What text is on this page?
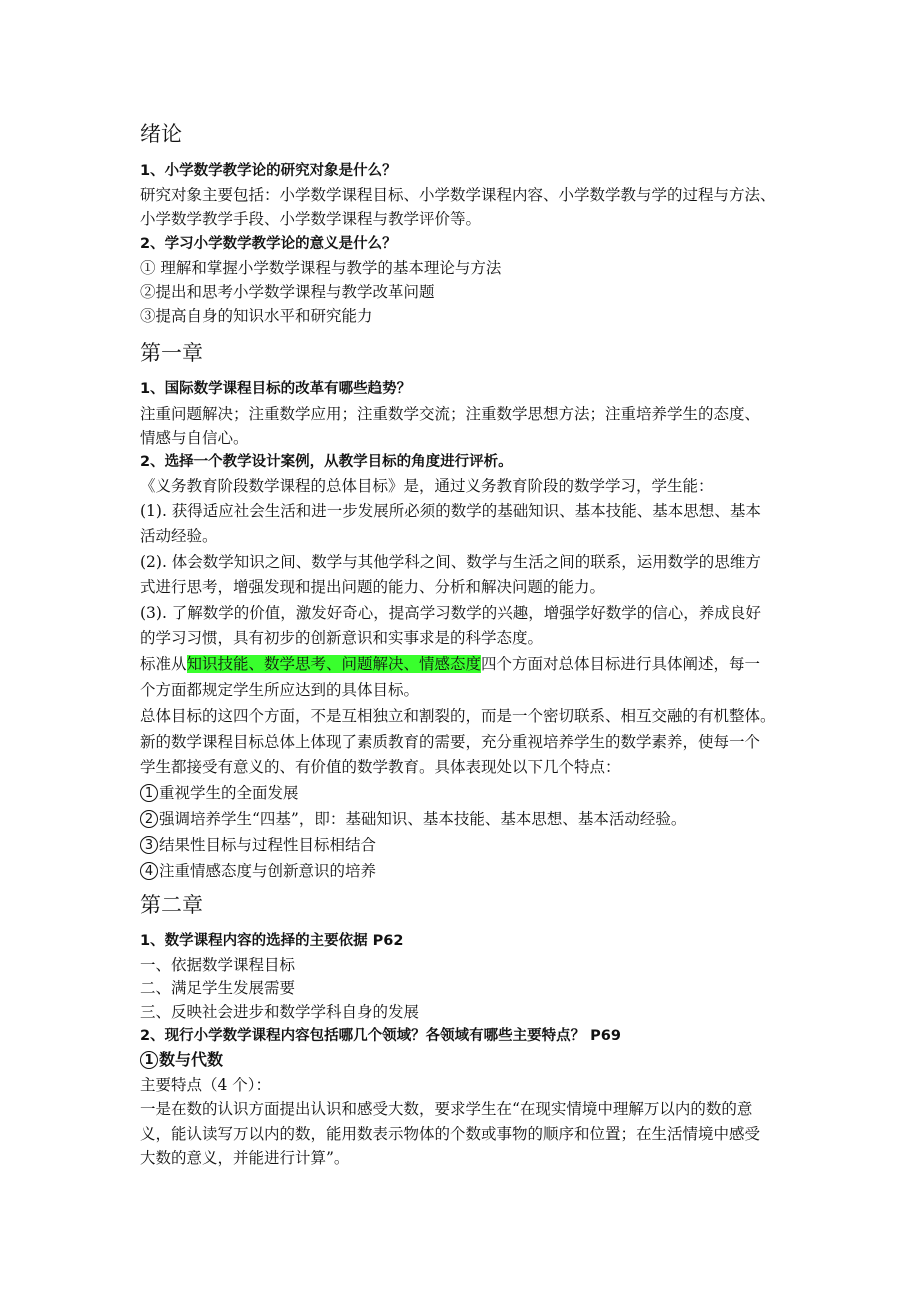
绪论
1、小学数学教学论的研究对象是什么？
研究对象主要包括：小学数学课程目标、小学数学课程内容、小学数学教与学的过程与方法、
小学数学教学手段、小学数学课程与教学评价等。
2、学习小学数学教学论的意义是什么？
① 理解和掌握小学数学课程与教学的基本理论与方法
②提出和思考小学数学课程与教学改革问题
③提高自身的知识水平和研究能力
第一章
1、国际数学课程目标的改革有哪些趋势？
注重问题解决；注重数学应用；注重数学交流；注重数学思想方法；注重培养学生的态度、
情感与自信心。
2、选择一个教学设计案例，从教学目标的角度进行评析。
《义务教育阶段数学课程的总体目标》是，通过义务教育阶段的数学学习，学生能：
(1). 获得适应社会生活和进一步发展所必须的数学的基础知识、基本技能、基本思想、基本
活动经验。
(2). 体会数学知识之间、数学与其他学科之间、数学与生活之间的联系，运用数学的思维方
式进行思考，增强发现和提出问题的能力、分析和解决问题的能力。
(3). 了解数学的价值，激发好奇心，提高学习数学的兴趣，增强学好数学的信心，养成良好
的学习习惯，具有初步的创新意识和实事求是的科学态度。
标准从知识技能、数学思考、问题解决、情感态度四个方面对总体目标进行具体阐述，每一
个方面都规定学生所应达到的具体目标。
总体目标的这四个方面，不是互相独立和割裂的，而是一个密切联系、相互交融的有机整体。
新的数学课程目标总体上体现了素质教育的需要，充分重视培养学生的数学素养，使每一个
学生都接受有意义的、有价值的数学教育。具体表现处以下几个特点：
1 重视学生的全面发展
2 强调培养学生“四基”，即：基础知识、基本技能、基本思想、基本活动经验。
3 结果性目标与过程性目标相结合
4 注重情感态度与创新意识的培养
第二章
1、数学课程内容的选择的主要依据 P62
一、依据数学课程目标
二、满足学生发展需要
三、反映社会进步和数学学科自身的发展
2、现行小学数学课程内容包括哪几个领域？各领域有哪些主要特点？ P69
1 数与代数
主要特点（4 个）：
一是在数的认识方面提出认识和感受大数，要求学生在“在现实情境中理解万以内的数的意
义，能认读写万以内的数，能用数表示物体的个数或事物的顺序和位置；在生活情境中感受
大数的意义，并能进行计算”。
